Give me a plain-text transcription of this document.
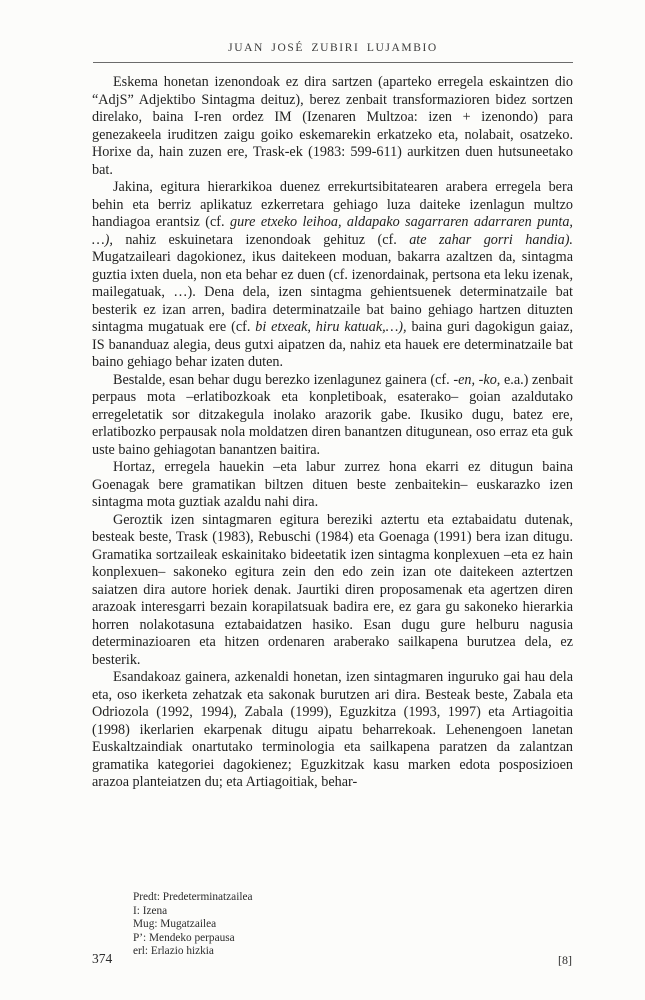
JUAN JOSÉ ZUBIRI LUJAMBIO

Eskema honetan izenondoak ez dira sartzen (aparteko erregela eskaintzen dio “AdjS” Adjektibo Sintagma deituz), berez zenbait transformazioren bidez sortzen direlako, baina I-ren ordez IM (Izenaren Multzoa: izen + izenondo) para genezakeela iruditzen zaigu goiko eskemarekin erkatzeko eta, nolabait, osatzeko. Horixe da, hain zuzen ere, Trask-ek (1983: 599-611) aurkitzen duen hutsuneetako bat.

Jakina, egitura hierarkikoa duenez errekurtsibitatearen arabera erregela bera behin eta berriz aplikatuz ezkerretara gehiago luza daiteke izenlagun multzo handiagoa erantsiz (cf. gure etxeko leihoa, aldapako sagarraren adarraren punta, …), nahiz eskuinetara izenondoak gehituz (cf. ate zahar gorri handia). Mugatzaileari dagokionez, ikus daitekeen moduan, bakarra azaltzen da, sintagma guztia ixten duela, non eta behar ez duen (cf. izenordainak, pertsona eta leku izenak, mailegatuak, …). Dena dela, izen sintagma gehientsuenek determinatzaile bat besterik ez izan arren, badira determinatzaile bat baino gehiago hartzen dituzten sintagma mugatuak ere (cf. bi etxeak, hiru katuak,…), baina guri dagokigun gaiaz, IS bananduaz alegia, deus gutxi aipatzen da, nahiz eta hauek ere determinatzaile bat baino gehiago behar izaten duten.

Bestalde, esan behar dugu berezko izenlagunez gainera (cf. -en, -ko, e.a.) zenbait perpaus mota –erlatibozkoak eta konpletiboak, esaterako– goian azaldutako erregeletatik sor ditzakegula inolako arazorik gabe. Ikusiko dugu, batez ere, erlatibozko perpausak nola moldatzen diren banantzen ditugunean, oso erraz eta guk uste baino gehiagotan banantzen baitira.

Hortaz, erregela hauekin –eta labur zurrez hona ekarri ez ditugun baina Goenagak bere gramatikan biltzen dituen beste zenbaitekin– euskarazko izen sintagma mota guztiak azaldu nahi dira.

Geroztik izen sintagmaren egitura bereziki aztertu eta eztabaidatu dutenak, besteak beste, Trask (1983), Rebuschi (1984) eta Goenaga (1991) bera izan ditugu. Gramatika sortzaileak eskainitako bideetatik izen sintagma konplexuen –eta ez hain konplexuen– sakoneko egitura zein den edo zein izan ote daitekeen aztertzen saiatzen dira autore horiek denak. Jaurtiki diren proposamenak eta agertzen diren arazoak interesgarri bezain korapilatsuak badira ere, ez gara gu sakoneko hierarkia horren nolakotasuna eztabaidatzen hasiko. Esan dugu gure helburu nagusia determinazioaren eta hitzen ordenaren araberako sailkapena burutzea dela, ez besterik.

Esandakoaz gainera, azkenaldi honetan, izen sintagmaren inguruko gai hau dela eta, oso ikerketa zehatzak eta sakonak burutzen ari dira. Besteak beste, Zabala eta Odriozola (1992, 1994), Zabala (1999), Eguzkitza (1993, 1997) eta Artiagoitia (1998) ikerlarien ekarpenak ditugu aipatu beharrekoak. Lehenengoen lanetan Euskaltzaindiak onartutako terminologia eta sailkapena paratzen da zalantzan gramatika kategoriei dagokienez; Eguzkitzak kasu marken edota posposizioen arazoa planteiatzen du; eta Artiagoitiak, behar-

Predt: Predeterminatzailea
I: Izena
Mug: Mugatzailea
P’: Mendeko perpausa
erl: Erlazio hizkia
374	[8]
